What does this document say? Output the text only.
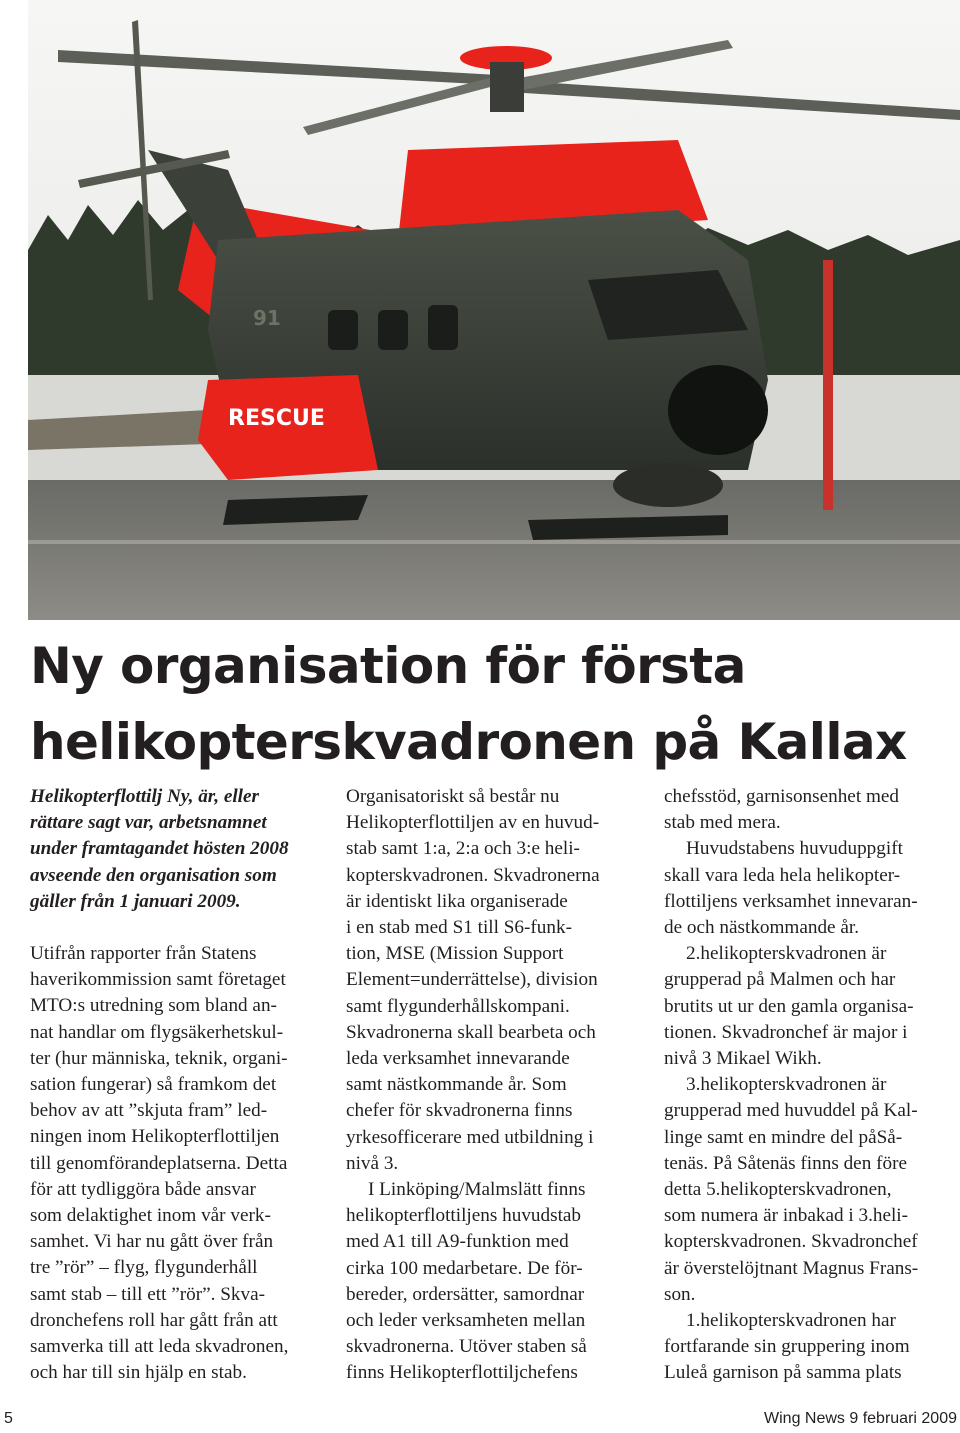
RESCUE
91
Ny organisation för första
helikopterskvadronen på Kallax

Helikopterflottilj Ny, är, eller
rättare sagt var, arbetsnamnet
under framtagandet hösten 2008
avseende den organisation som
gäller från 1 januari 2009.

Utifrån rapporter från Statens
haverikommission samt företaget
MTO:s utredning som bland an-
nat handlar om flygsäkerhetskul-
ter (hur människa, teknik, organi-
sation fungerar) så framkom det
behov av att ”skjuta fram” led-
ningen inom Helikopterflottiljen
till genomförandeplatserna. Detta
för att tydliggöra både ansvar
som delaktighet inom vår verk-
samhet. Vi har nu gått över från
tre ”rör” – flyg, flygunderhåll
samt stab – till ett ”rör”. Skva-
dronchefens roll har gått från att
samverka till att leda skvadronen,
och har till sin hjälp en stab.

Organisatoriskt så består nu
Helikopterflottiljen av en huvud-
stab samt 1:a, 2:a och 3:e heli-
kopterskvadronen. Skvadronerna
är identiskt lika organiserade
i en stab med S1 till S6-funk-
tion, MSE (Mission Support
Element=underrättelse), division
samt flygunderhållskompani.
Skvadronerna skall bearbeta och
leda verksamhet innevarande
samt nästkommande år. Som
chefer för skvadronerna finns
yrkesofficerare med utbildning i
nivå 3.

I Linköping/Malmslätt finns
helikopterflottiljens huvudstab
med A1 till A9-funktion med
cirka 100 medarbetare. De för-
bereder, ordersätter, samordnar
och leder verksamheten mellan
skvadronerna. Utöver staben så
finns Helikopterflottiljchefens

chefsstöd, garnisonsenhet med
stab med mera.

Huvudstabens huvuduppgift
skall vara leda hela helikopter-
flottiljens verksamhet innevaran-
de och nästkommande år.

2.helikopterskvadronen är
grupperad på Malmen och har
brutits ut ur den gamla organisa-
tionen. Skvadronchef är major i
nivå 3 Mikael Wikh.

3.helikopterskvadronen är
grupperad med huvuddel på Kal-
linge samt en mindre del påSå-
tenäs. På Såtenäs finns den före
detta 5.helikopterskvadronen,
som numera är inbakad i 3.heli-
kopterskvadronen. Skvadronchef
är överstelöjtnant Magnus Frans-
son.

1.helikopterskvadronen har
fortfarande sin gruppering inom
Luleå garnison på samma plats

5	Wing News 9 februari 2009
